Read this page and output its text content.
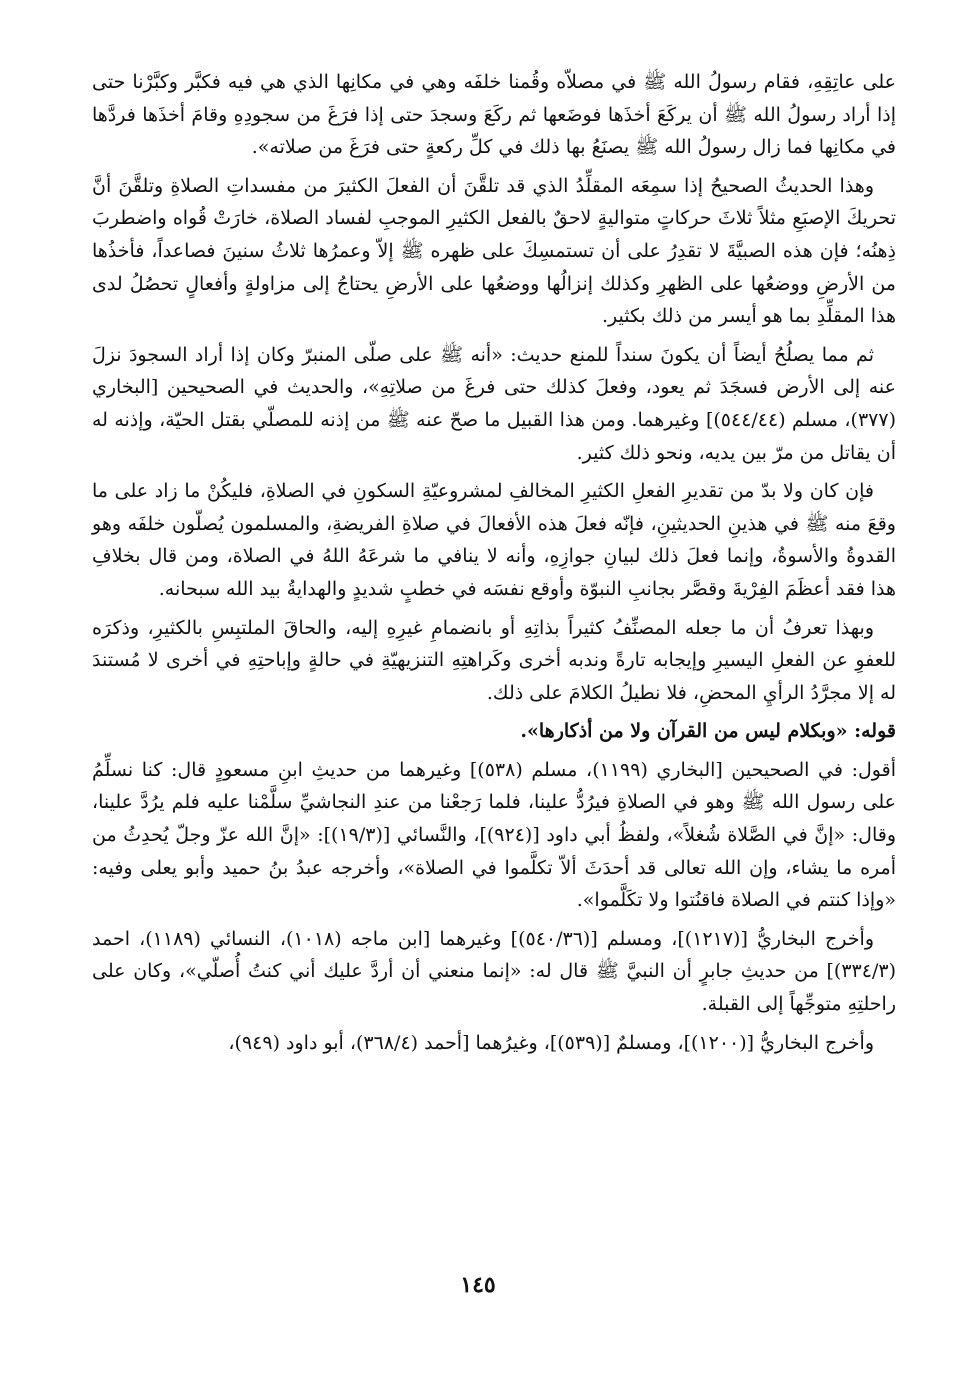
على عاتِقِهِ، فقام رسولُ الله ﷺ في مصلاّه وقُمنا خلفَه وهي في مكانِها الذي هي فيه فكبَّر وكبَّرْنا حتى إذا أراد رسولُ الله ﷺ أن يركَعَ أخذَها فوضَعها ثم ركَعَ وسجدَ حتى إذا فرَغَ من سجودِهِ وقامَ أخذَها فردَّها في مكانِها فما زال رسولُ الله ﷺ يصنَعُ بها ذلك في كلِّ ركعةٍ حتى فرَغَ من صلاته».

وهذا الحديثُ الصحيحُ إذا سمِعَه المقلِّدُ الذي قد تلقَّنَ أن الفعلَ الكثيرَ من مفسداتِ الصلاةِ وتلقَّنَ أنَّ تحريكَ الإصبَعِ مثلاً ثلاثَ حركاتٍ متواليةٍ لاحقٌ بالفعل الكثيرِ الموجبِ لفساد الصلاة، خارَتْ قُواه واضطربَ ذِهنُه؛ فإن هذه الصبيَّةَ لا تقدِرُ على أن تستمسِكَ على ظهره ﷺ إلاّ وعمرُها ثلاثُ سنينَ فصاعداً، فأخذُها من الأرضِ ووضعُها على الظهرِ وكذلك إنزالُها ووضعُها على الأرضِ يحتاجُ إلى مزاولةٍ وأفعالٍ تحصُلُ لدى هذا المقلِّدِ بما هو أيسر من ذلك بكثير.

ثم مما يصلُحُ أيضاً أن يكونَ سنداً للمنع حديث: «أنه ﷺ على صلّى المنبرّ وكان إذا أراد السجودَ نزلَ عنه إلى الأرض فسجَدَ ثم يعود، وفعلَ كذلك حتى فرغَ من صلاتِهِ»، والحديث في الصحيحين [البخاري (٣٧٧)، مسلم (٥٤٤/٤٤)] وغيرهما. ومن هذا القبيل ما صحّ عنه ﷺ من إذنه للمصلّي بقتل الحيّة، وإذنه له أن يقاتل من مرّ بين يديه، ونحو ذلك كثير.

فإن كان ولا بدّ من تقديرِ الفعلِ الكثيرِ المخالفِ لمشروعيّةِ السكونِ في الصلاةِ، فليكُنْ ما زاد على ما وقعَ منه ﷺ في هذينِ الحديثينِ، فإنّه فعلَ هذه الأفعالَ في صلاةِ الفريضةِ، والمسلمون يُصلّون خلفَه وهو القدوةُ والأسوةُ، وإنما فعلَ ذلك لبيانِ جوازِهِ، وأنه لا ينافي ما شرعَهُ اللهُ في الصلاة، ومن قال بخلافِ هذا فقد أعظَمَ الفِرْيةَ وقصَّر بجانبِ النبوّة وأوقع نفسَه في خطبٍ شديدٍ والهدايةُ بيد الله سبحانه.

وبهذا تعرفُ أن ما جعله المصنِّفُ كثيراً بذاتِهِ أو بانضمامِ غيرِهِ إليه، والحاقَ الملتبِسِ بالكثيرِ، وذكرَه للعفوِ عن الفعلِ اليسيرِ وإيجابه تارةً وندبه أخرى وكَراهتِهِ التنزيهيّةِ في حالةٍ وإباحتِهِ في أخرى لا مُستندَ له إلا مجرَّدُ الرأيِ المحضِ، فلا نطيلُ الكلامَ على ذلك.

قوله: «وبكلام ليس من القرآن ولا من أذكارها».

أقول: في الصحيحين [البخاري (١١٩٩)، مسلم (٥٣٨)] وغيرهما من حديثِ ابنِ مسعودٍ قال: كنا نسلِّمُ على رسول الله ﷺ وهو في الصلاةِ فيرُدُّ علينا، فلما رَجعْنا من عندِ النجاشيِّ سلَّمْنا عليه فلم يرُدَّ علينا، وقال: «إنَّ في الصَّلاة شُغلاً»، ولفظُ أبي داود [(٩٢٤)]، والنَّسائي [(١٩/٣)]: «إنَّ الله عزّ وجلّ يُحدِثُ من أمره ما يشاء، وإن الله تعالى قد أحدَثَ ألاّ تكلَّموا في الصلاة»، وأخرجه عبدُ بنُ حميد وأبو يعلى وفيه: «وإذا كنتم في الصلاة فاقنُتوا ولا تكَلَّموا».

وأخرج البخاريُّ [(١٢١٧)]، ومسلم [(٥٤٠/٣٦)] وغيرهما [ابن ماجه (١٠١٨)، النسائي (١١٨٩)، احمد (٣٣٤/٣)] من حديثِ جابرٍ أن النبيَّ ﷺ قال له: «إنما منعني أن أردَّ عليك أني كنتُ أُصلّي»، وكان على راحلتِهِ متوجِّهاً إلى القبلة.

وأخرج البخاريُّ [(١٢٠٠)]، ومسلمٌ [(٥٣٩)]، وغيرُهما [أحمد (٣٦٨/٤)، أبو داود (٩٤٩)،

١٤٥
